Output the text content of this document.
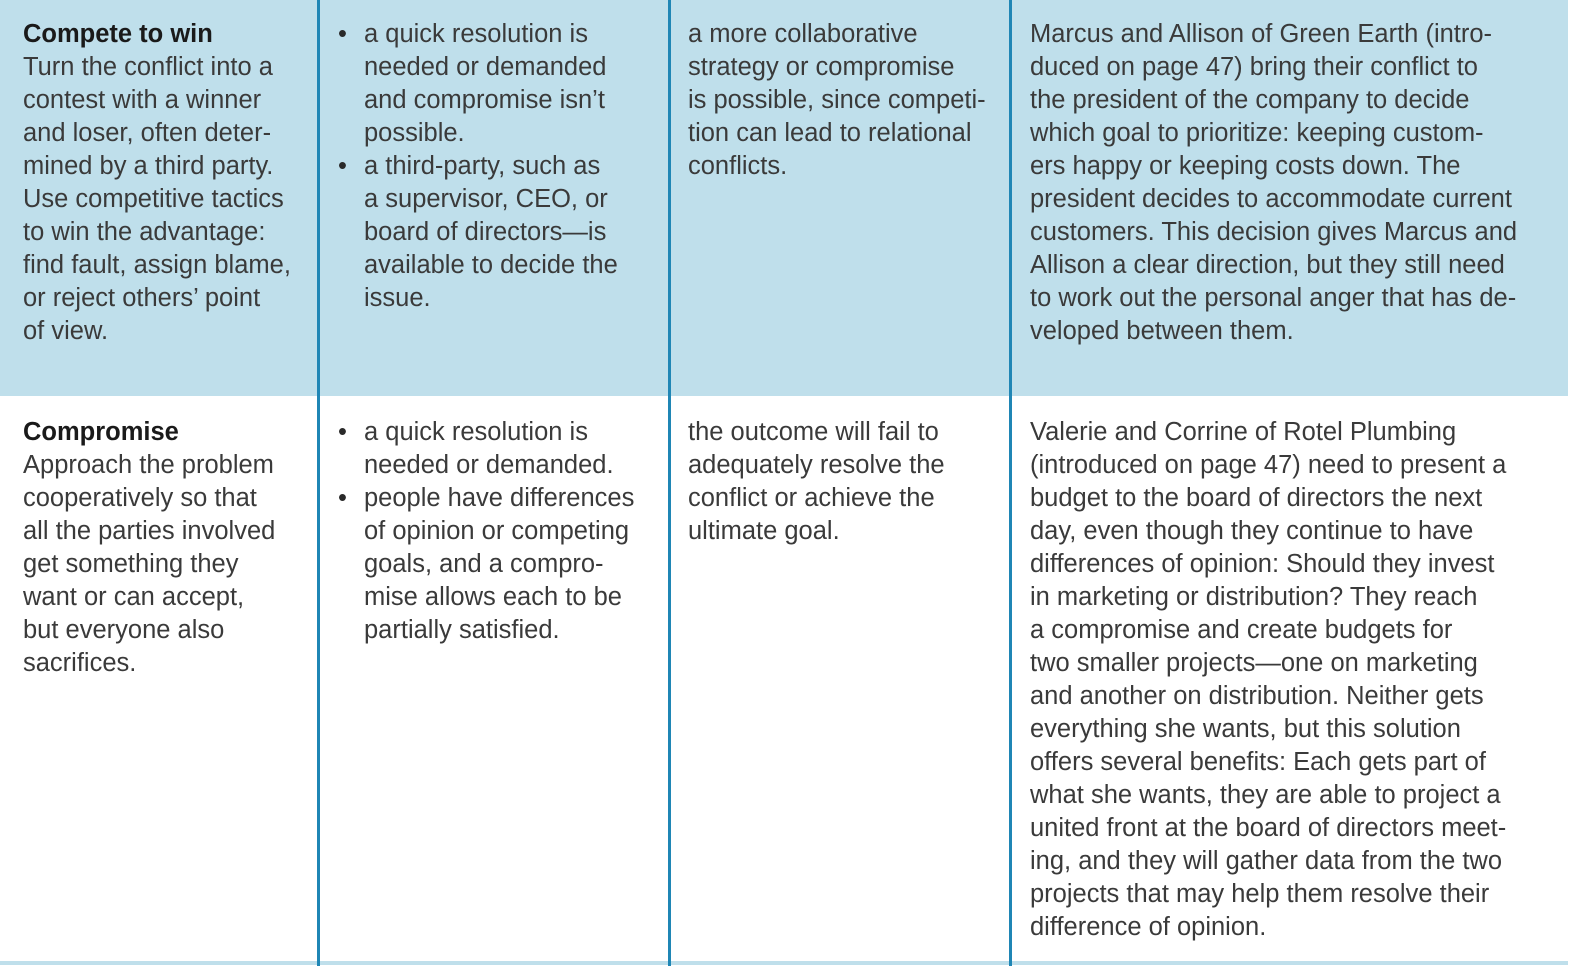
Compete to win
Turn the conflict into a
contest with a winner
and loser, often deter-
mined by a third party.
Use competitive tactics
to win the advantage:
find fault, assign blame,
or reject others’ point
of view.
• a quick resolution is
needed or demanded
and compromise isn’t
possible.
• a third-party, such as
a supervisor, CEO, or
board of directors—is
available to decide the
issue.
a more collaborative
strategy or compromise
is possible, since competi-
tion can lead to relational
conflicts.
Marcus and Allison of Green Earth (intro-
duced on page 47) bring their conflict to
the president of the company to decide
which goal to prioritize: keeping custom-
ers happy or keeping costs down. The
president decides to accommodate current
customers. This decision gives Marcus and
Allison a clear direction, but they still need
to work out the personal anger that has de-
veloped between them.
Compromise
Approach the problem
cooperatively so that
all the parties involved
get something they
want or can accept,
but everyone also
sacrifices.
• a quick resolution is
needed or demanded.
• people have differences
of opinion or competing
goals, and a compro-
mise allows each to be
partially satisfied.
the outcome will fail to
adequately resolve the
conflict or achieve the
ultimate goal.
Valerie and Corrine of Rotel Plumbing
(introduced on page 47) need to present a
budget to the board of directors the next
day, even though they continue to have
differences of opinion: Should they invest
in marketing or distribution? They reach
a compromise and create budgets for
two smaller projects—one on marketing
and another on distribution. Neither gets
everything she wants, but this solution
offers several benefits: Each gets part of
what she wants, they are able to project a
united front at the board of directors meet-
ing, and they will gather data from the two
projects that may help them resolve their
difference of opinion.
